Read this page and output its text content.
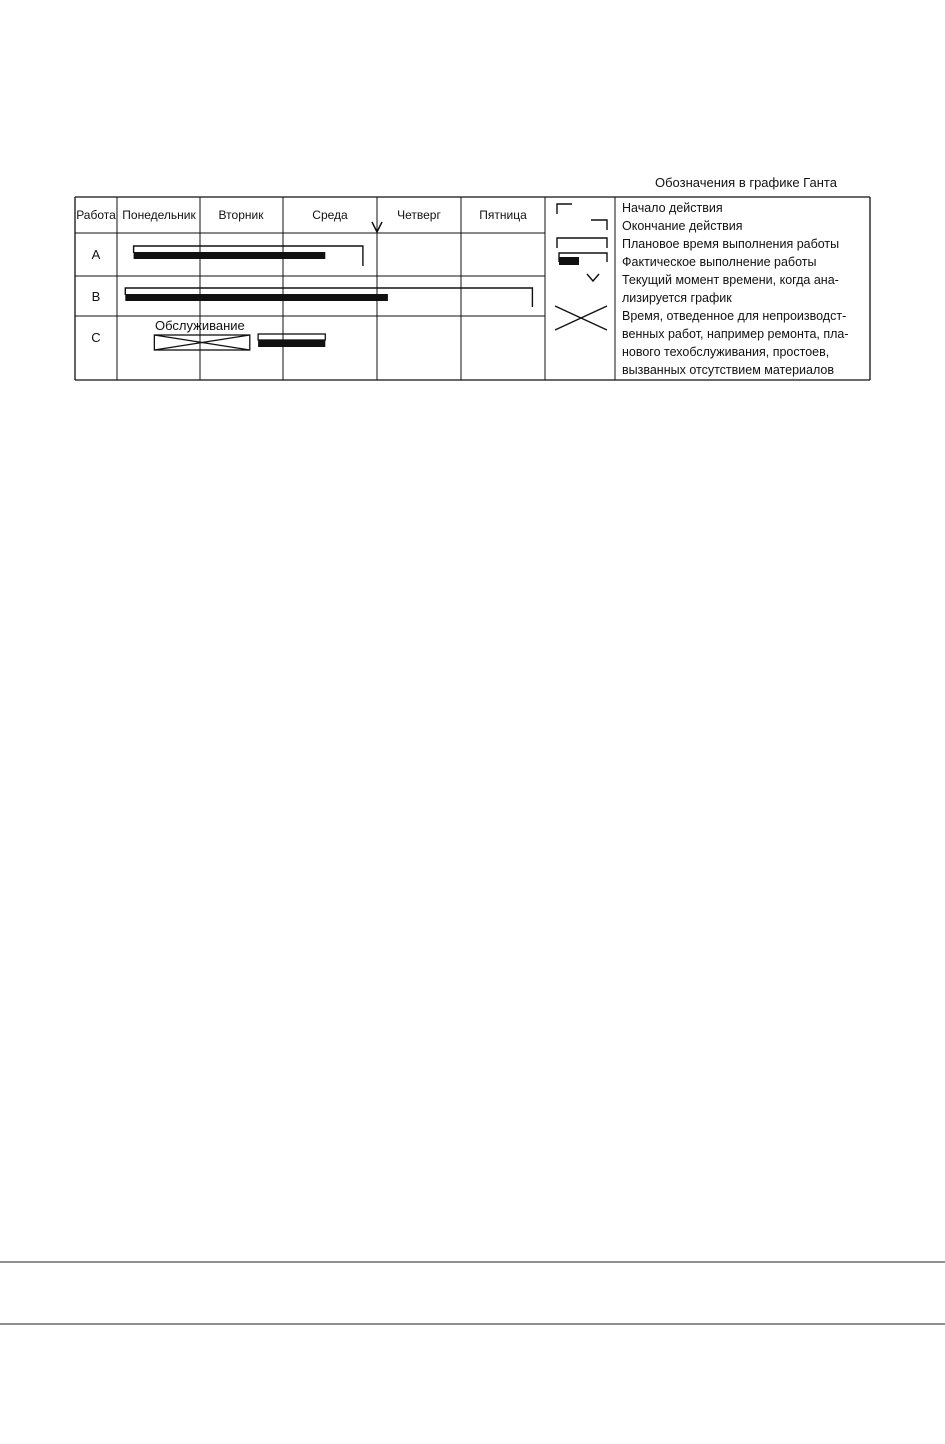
Обозначения в графике Ганта
Работа Понедельник Вторник	Среда	Четверг	Пятница
A
B
C
Обслуживание
Начало действия
Окончание действия
Плановое время выполнения работы
Фактическое выполнение работы
Текущий момент времени, когда ана-
лизируется график
Время, отведенное для непроизводст-
венных работ, например ремонта, пла-
нового техобслуживания, простоев,
вызванных отсутствием материалов
